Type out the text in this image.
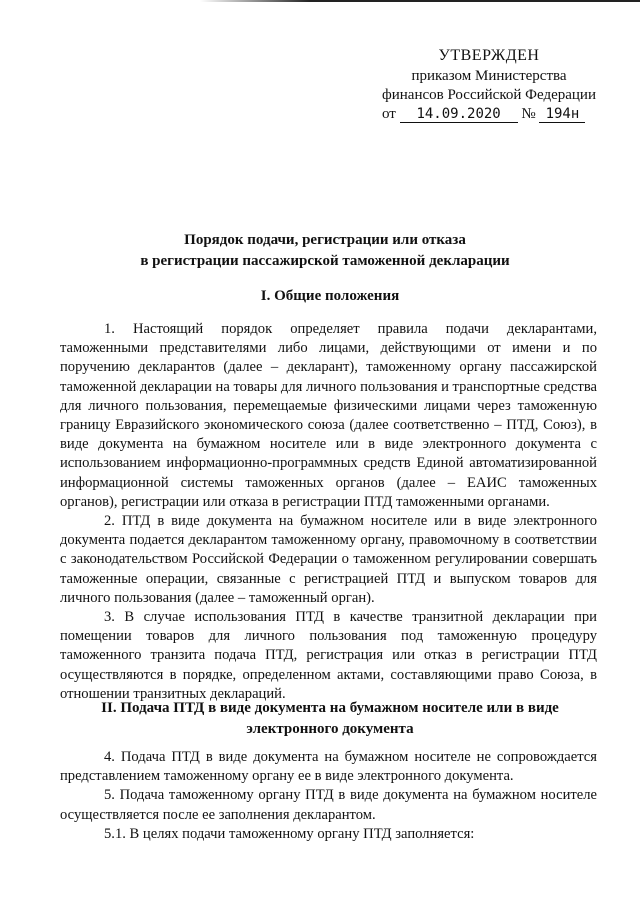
УТВЕРЖДЕН
приказом Министерства
финансов Российской Федерации
от 14.09.2020 № 194н
Порядок подачи, регистрации или отказа
в регистрации пассажирской таможенной декларации
I. Общие положения

1. Настоящий порядок определяет правила подачи декларантами, таможенными представителями либо лицами, действующими от имени и по поручению декларантов (далее – декларант), таможенному органу пассажирской таможенной декларации на товары для личного пользования и транспортные средства для личного пользования, перемещаемые физическими лицами через таможенную границу Евразийского экономического союза (далее соответственно – ПТД, Союз), в виде документа на бумажном носителе или в виде электронного документа с использованием информационно-программных средств Единой автоматизированной информационной системы таможенных органов (далее – ЕАИС таможенных органов), регистрации или отказа в регистрации ПТД таможенными органами.

2. ПТД в виде документа на бумажном носителе или в виде электронного документа подается декларантом таможенному органу, правомочному в соответствии с законодательством Российской Федерации о таможенном регулировании совершать таможенные операции, связанные с регистрацией ПТД и выпуском товаров для личного пользования (далее – таможенный орган).

3. В случае использования ПТД в качестве транзитной декларации при помещении товаров для личного пользования под таможенную процедуру таможенного транзита подача ПТД, регистрация или отказ в регистрации ПТД осуществляются в порядке, определенном актами, составляющими право Союза, в отношении транзитных деклараций.

II. Подача ПТД в виде документа на бумажном носителе или в виде
электронного документа

4. Подача ПТД в виде документа на бумажном носителе не сопровождается представлением таможенному органу ее в виде электронного документа.

5. Подача таможенному органу ПТД в виде документа на бумажном носителе осуществляется после ее заполнения декларантом.

5.1. В целях подачи таможенному органу ПТД заполняется:
